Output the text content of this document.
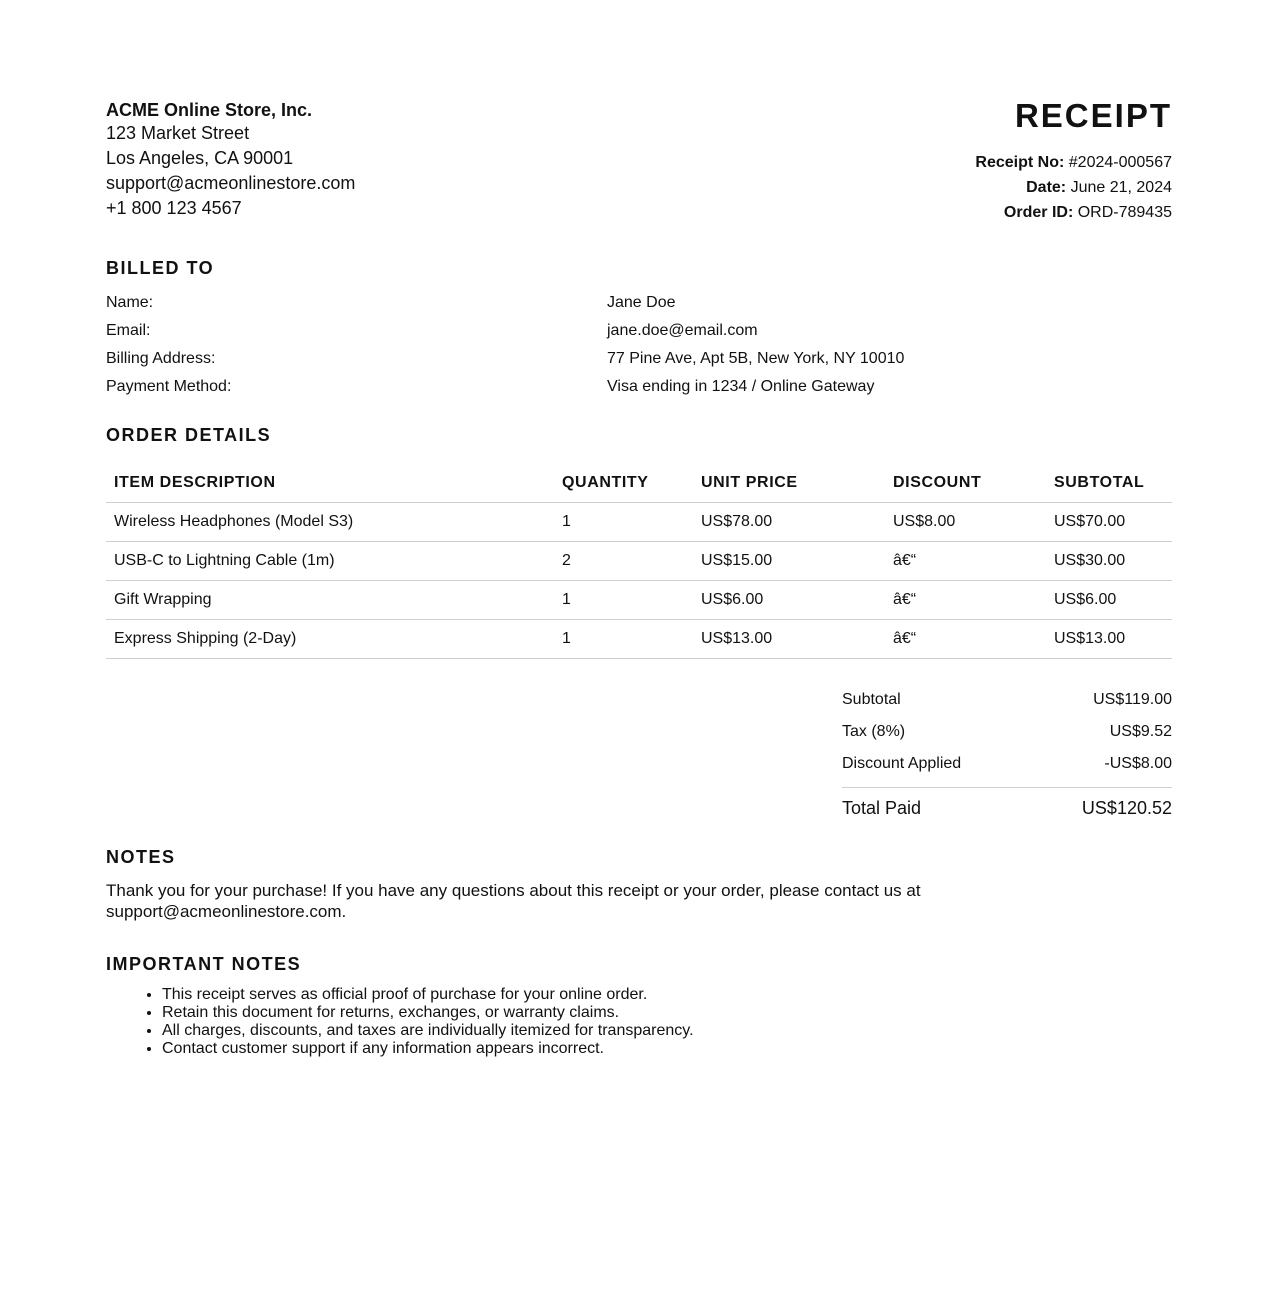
ACME Online Store, Inc.
123 Market Street
Los Angeles, CA 90001
support@acmeonlinestore.com
+1 800 123 4567
RECEIPT
Receipt No: #2024-000567
Date: June 21, 2024
Order ID: ORD-789435
BILLED TO
Name:	Jane Doe
Email:	jane.doe@email.com
Billing Address:	77 Pine Ave, Apt 5B, New York, NY 10010
Payment Method:	Visa ending in 1234 / Online Gateway
ORDER DETAILS
ITEM DESCRIPTION	QUANTITY	UNIT PRICE	DISCOUNT	SUBTOTAL
Wireless Headphones (Model S3)	1	US$78.00	US$8.00	US$70.00
USB-C to Lightning Cable (1m)	2	US$15.00	â€“	US$30.00
Gift Wrapping	1	US$6.00	â€“	US$6.00
Express Shipping (2-Day)	1	US$13.00	â€“	US$13.00
Subtotal	US$119.00
Tax (8%)	US$9.52
Discount Applied	-US$8.00
Total Paid	US$120.52
NOTES
Thank you for your purchase! If you have any questions about this receipt or your order, please contact us at support@acmeonlinestore.com.
IMPORTANT NOTES
• This receipt serves as official proof of purchase for your online order.
• Retain this document for returns, exchanges, or warranty claims.
• All charges, discounts, and taxes are individually itemized for transparency.
• Contact customer support if any information appears incorrect.
